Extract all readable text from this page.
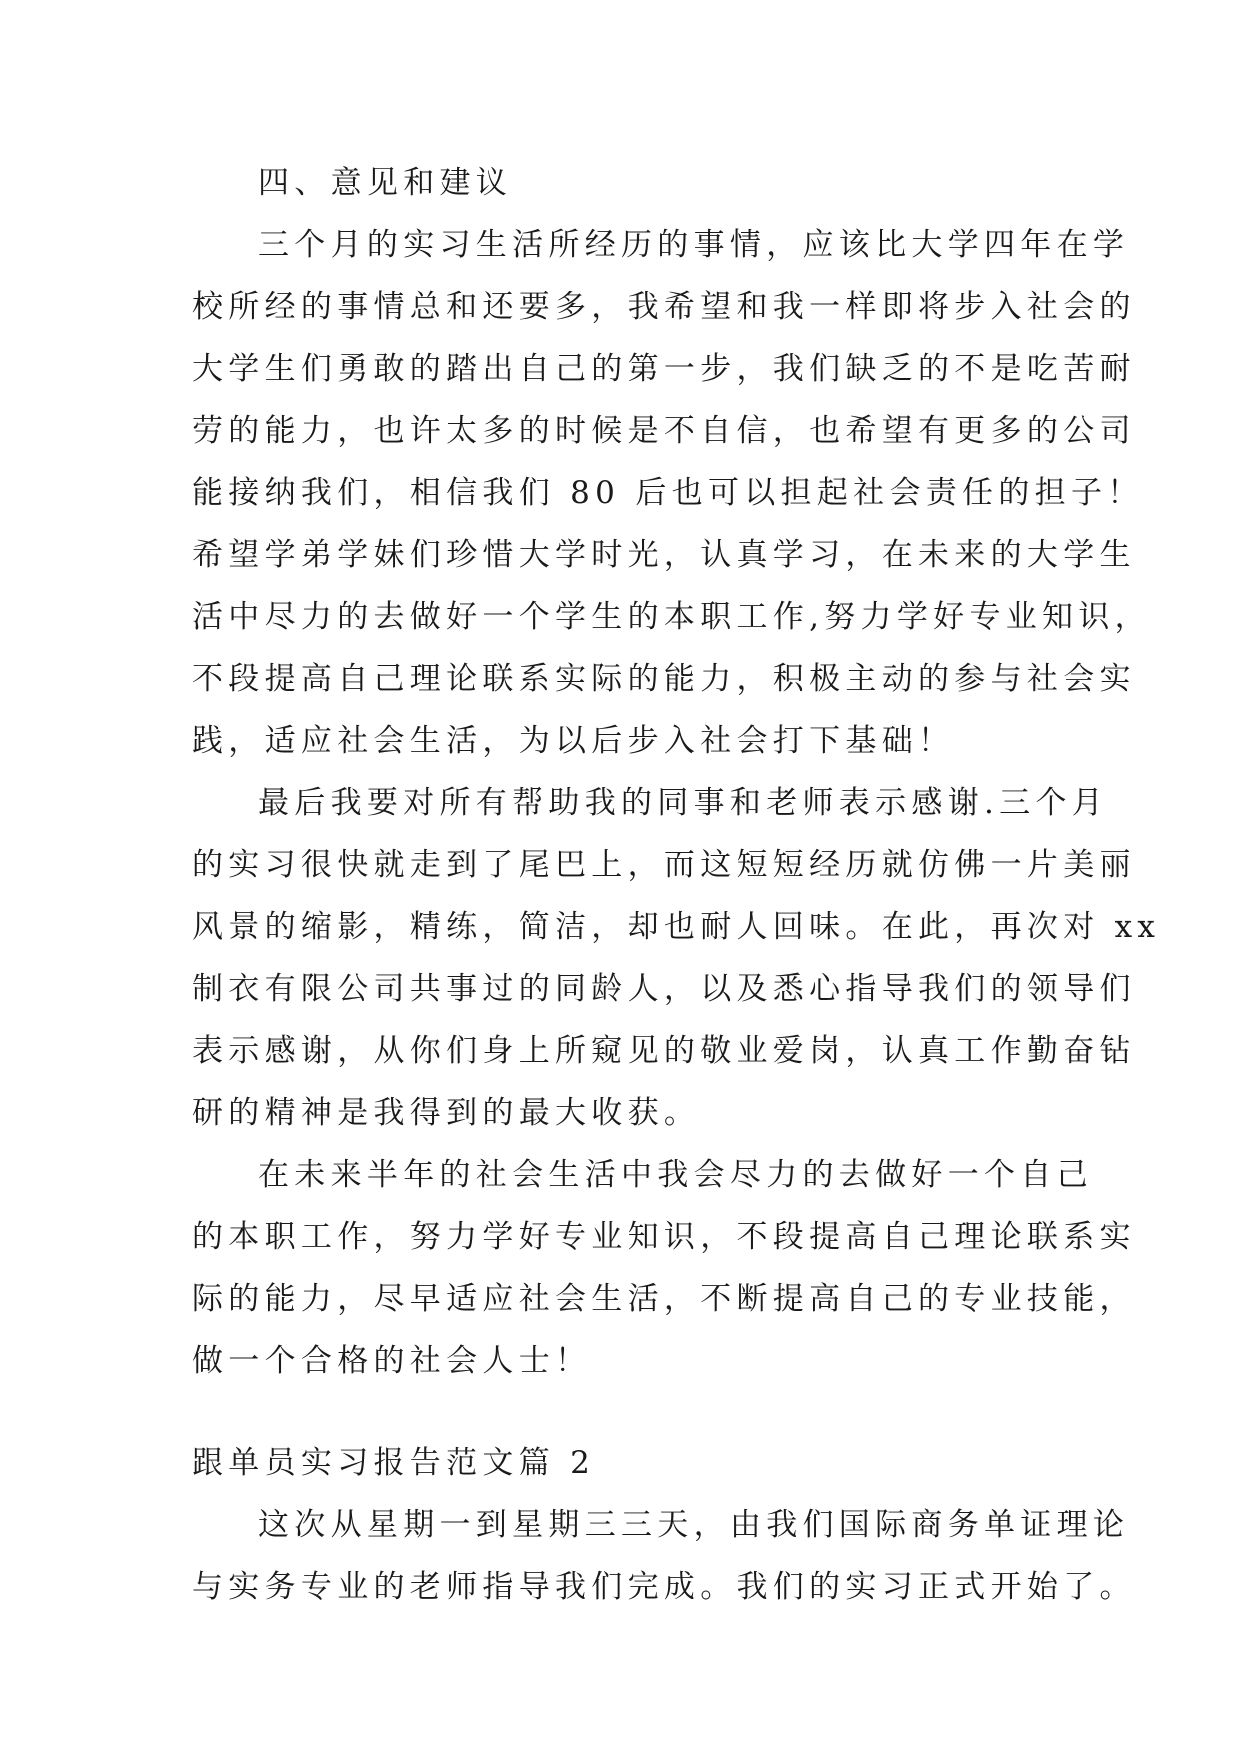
四、意见和建议
三个月的实习生活所经历的事情，应该比大学四年在学
校所经的事情总和还要多，我希望和我一样即将步入社会的
大学生们勇敢的踏出自己的第一步，我们缺乏的不是吃苦耐
劳的能力，也许太多的时候是不自信，也希望有更多的公司
能接纳我们，相信我们 80 后也可以担起社会责任的担子！
希望学弟学妹们珍惜大学时光，认真学习，在未来的大学生
活中尽力的去做好一个学生的本职工作,努力学好专业知识，
不段提高自己理论联系实际的能力，积极主动的参与社会实
践，适应社会生活，为以后步入社会打下基础！
最后我要对所有帮助我的同事和老师表示感谢.三个月
的实习很快就走到了尾巴上，而这短短经历就仿佛一片美丽
风景的缩影，精练，简洁，却也耐人回味。在此，再次对 xx
制衣有限公司共事过的同龄人，以及悉心指导我们的领导们
表示感谢，从你们身上所窥见的敬业爱岗，认真工作勤奋钻
研的精神是我得到的最大收获。
在未来半年的社会生活中我会尽力的去做好一个自己
的本职工作，努力学好专业知识，不段提高自己理论联系实
际的能力，尽早适应社会生活，不断提高自己的专业技能，
做一个合格的社会人士！
跟单员实习报告范文篇 2
这次从星期一到星期三三天，由我们国际商务单证理论
与实务专业的老师指导我们完成。我们的实习正式开始了。
